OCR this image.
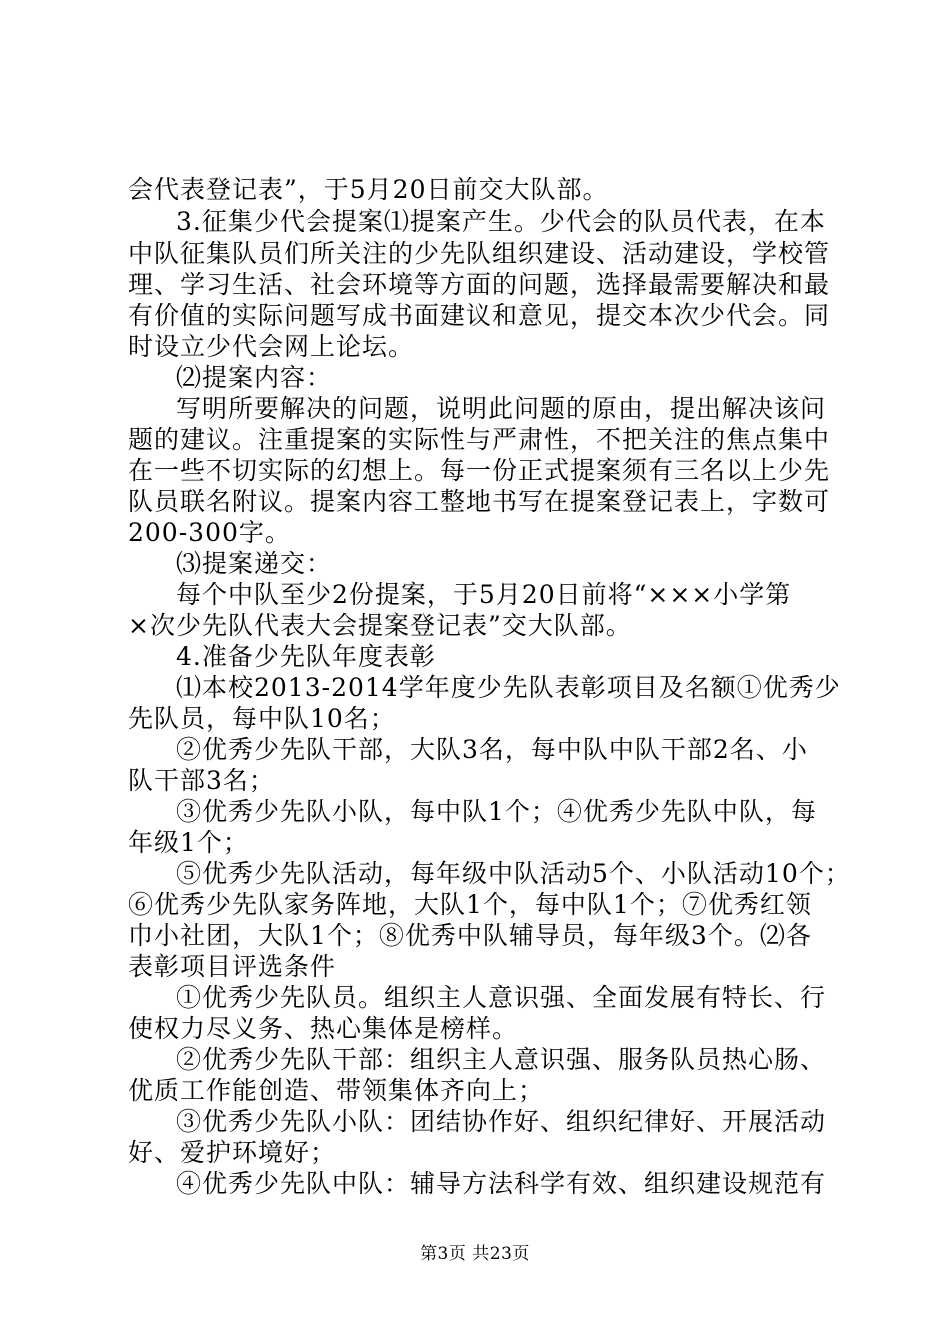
会代表登记表”，于5月20日前交大队部。
3.征集少代会提案⑴提案产生。少代会的队员代表，在本
中队征集队员们所关注的少先队组织建设、活动建设，学校管
理、学习生活、社会环境等方面的问题，选择最需要解决和最
有价值的实际问题写成书面建议和意见，提交本次少代会。同
时设立少代会网上论坛。
⑵提案内容：
写明所要解决的问题，说明此问题的原由，提出解决该问
题的建议。注重提案的实际性与严肃性，不把关注的焦点集中
在一些不切实际的幻想上。每一份正式提案须有三名以上少先
队员联名附议。提案内容工整地书写在提案登记表上，字数可
200-300字。
⑶提案递交：
每个中队至少2份提案，于5月20日前将“×××小学第
×次少先队代表大会提案登记表”交大队部。
4.准备少先队年度表彰
⑴本校2013-2014学年度少先队表彰项目及名额①优秀少
先队员，每中队10名；
②优秀少先队干部，大队3名，每中队中队干部2名、小
队干部3名；
③优秀少先队小队，每中队1个；④优秀少先队中队，每
年级1个；
⑤优秀少先队活动，每年级中队活动5个、小队活动10个；
⑥优秀少先队家务阵地，大队1个，每中队1个；⑦优秀红领
巾小社团，大队1个；⑧优秀中队辅导员，每年级3个。⑵各
表彰项目评选条件
①优秀少先队员。组织主人意识强、全面发展有特长、行
使权力尽义务、热心集体是榜样。
②优秀少先队干部：组织主人意识强、服务队员热心肠、
优质工作能创造、带领集体齐向上；
③优秀少先队小队：团结协作好、组织纪律好、开展活动
好、爱护环境好；
④优秀少先队中队：辅导方法科学有效、组织建设规范有
第3页 共23页
